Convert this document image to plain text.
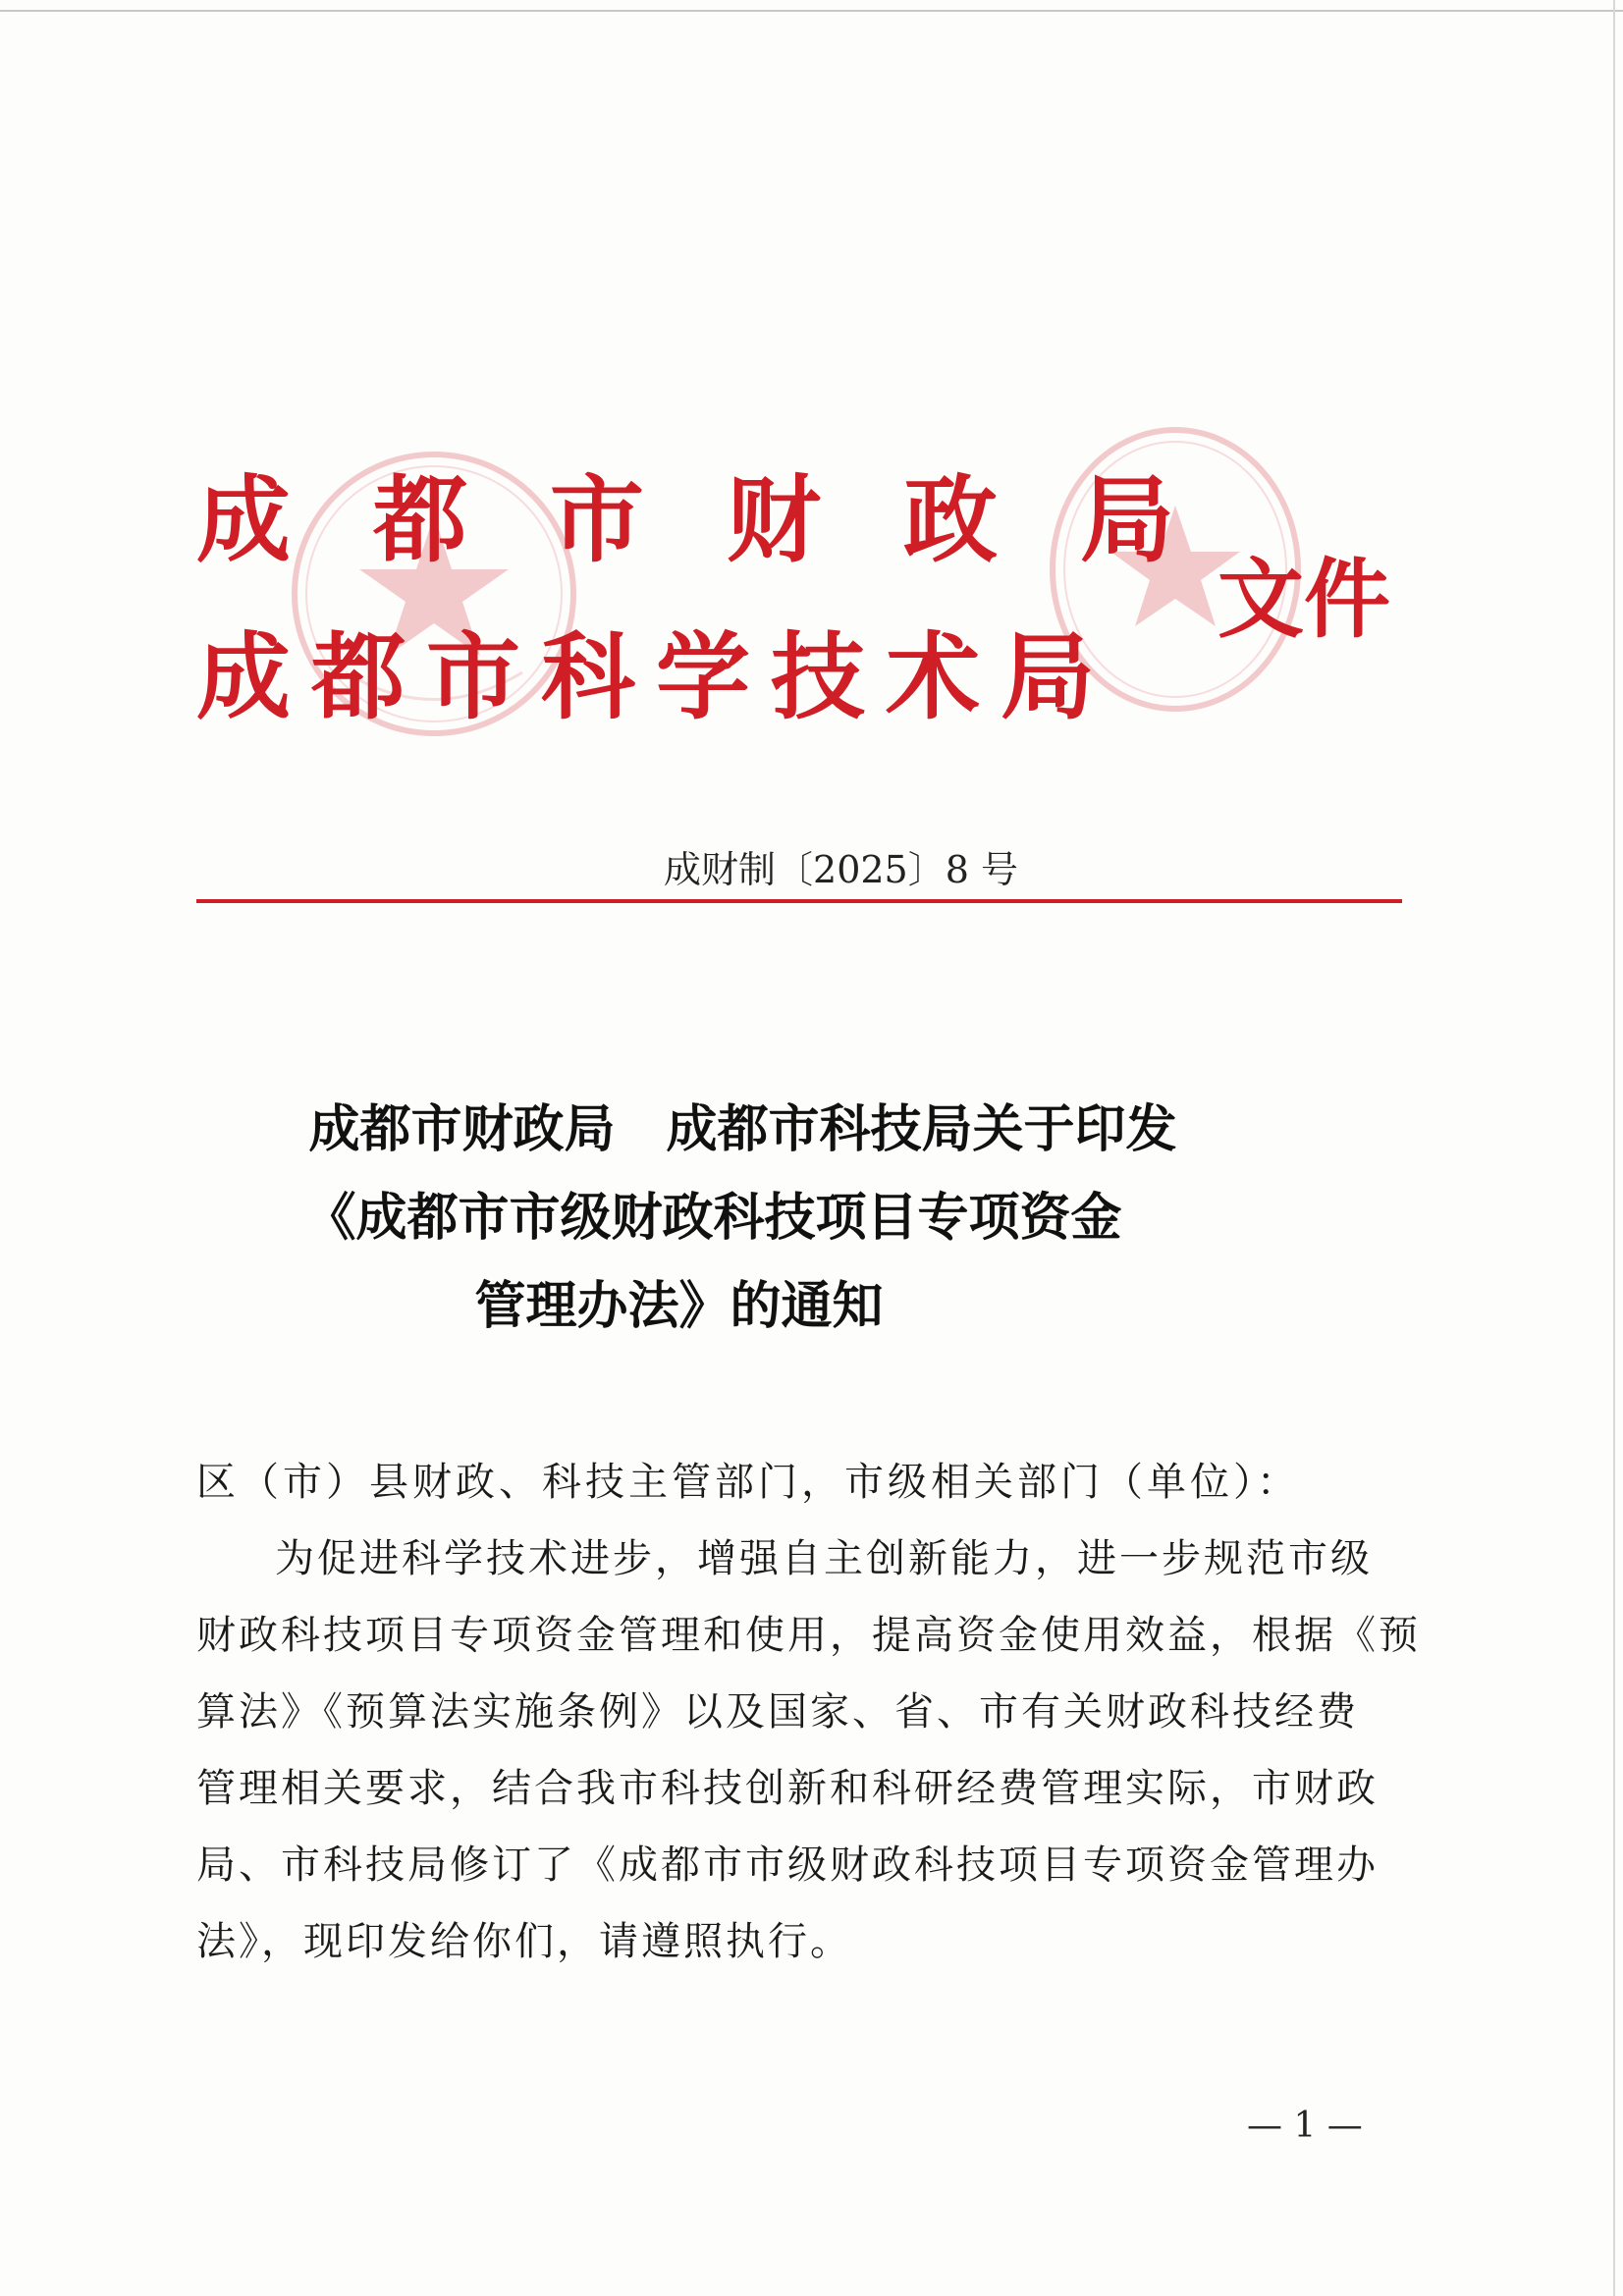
成 都 市 财 政 局
成 都 市 科 学 技 术 局
文件
成财制〔2025〕8 号
成都市财政局　成都市科技局关于印发
《成都市市级财政科技项目专项资金
管理办法》的通知
区（市）县财政、科技主管部门，市级相关部门（单位）：
为促进科学技术进步，增强自主创新能力，进一步规范市级
财政科技项目专项资金管理和使用，提高资金使用效益，根据《预
算法》《预算法实施条例》以及国家、省、市有关财政科技经费
管理相关要求，结合我市科技创新和科研经费管理实际，市财政
局、市科技局修订了《成都市市级财政科技项目专项资金管理办
法》，现印发给你们，请遵照执行。
— 1 —
